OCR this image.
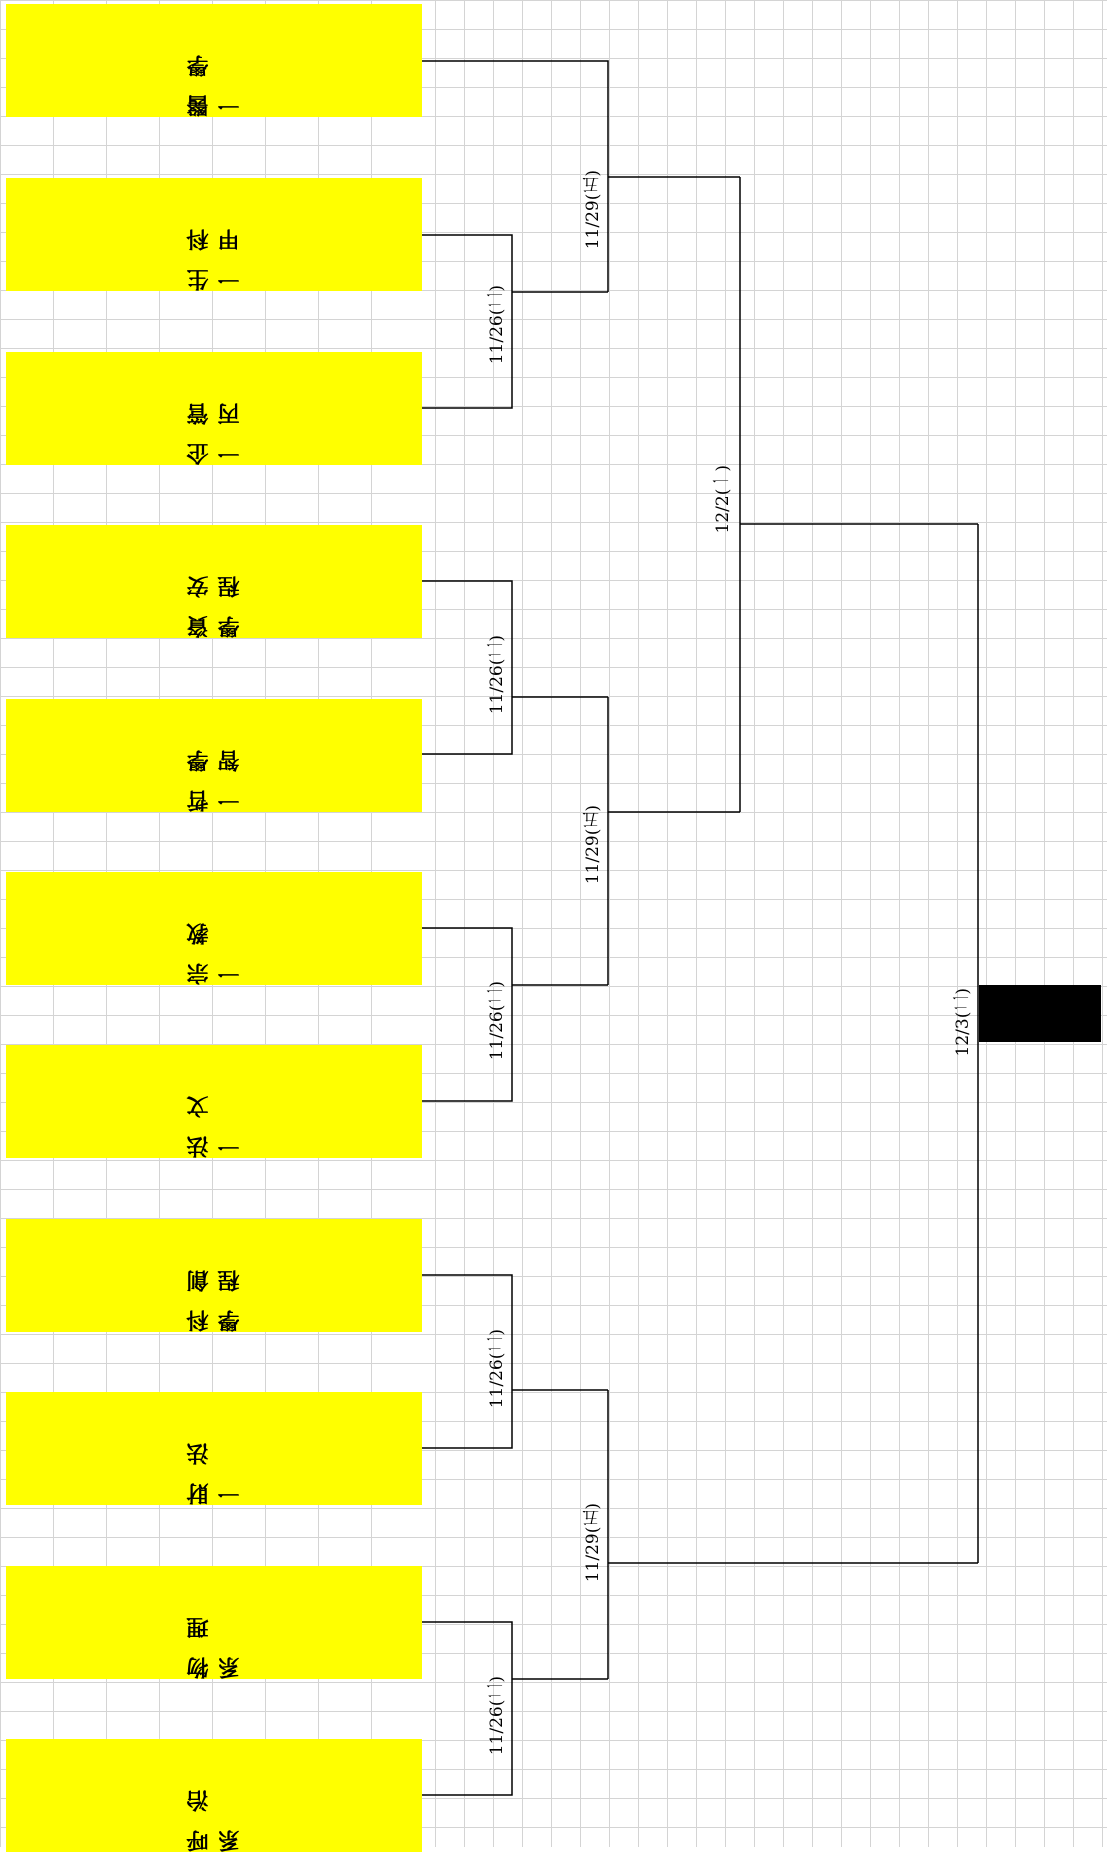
醫學一
生科一甲
企管一丙
資安學程
哲學一智
宗教一
法文一
科創學程
財法一
物理系
呼治系
11/26(二)
11/29(五)
11/26(二)
11/29(五)
11/26(二)
12/2(一)
11/26(二)
11/29(五)
11/26(二)
12/3(二)
